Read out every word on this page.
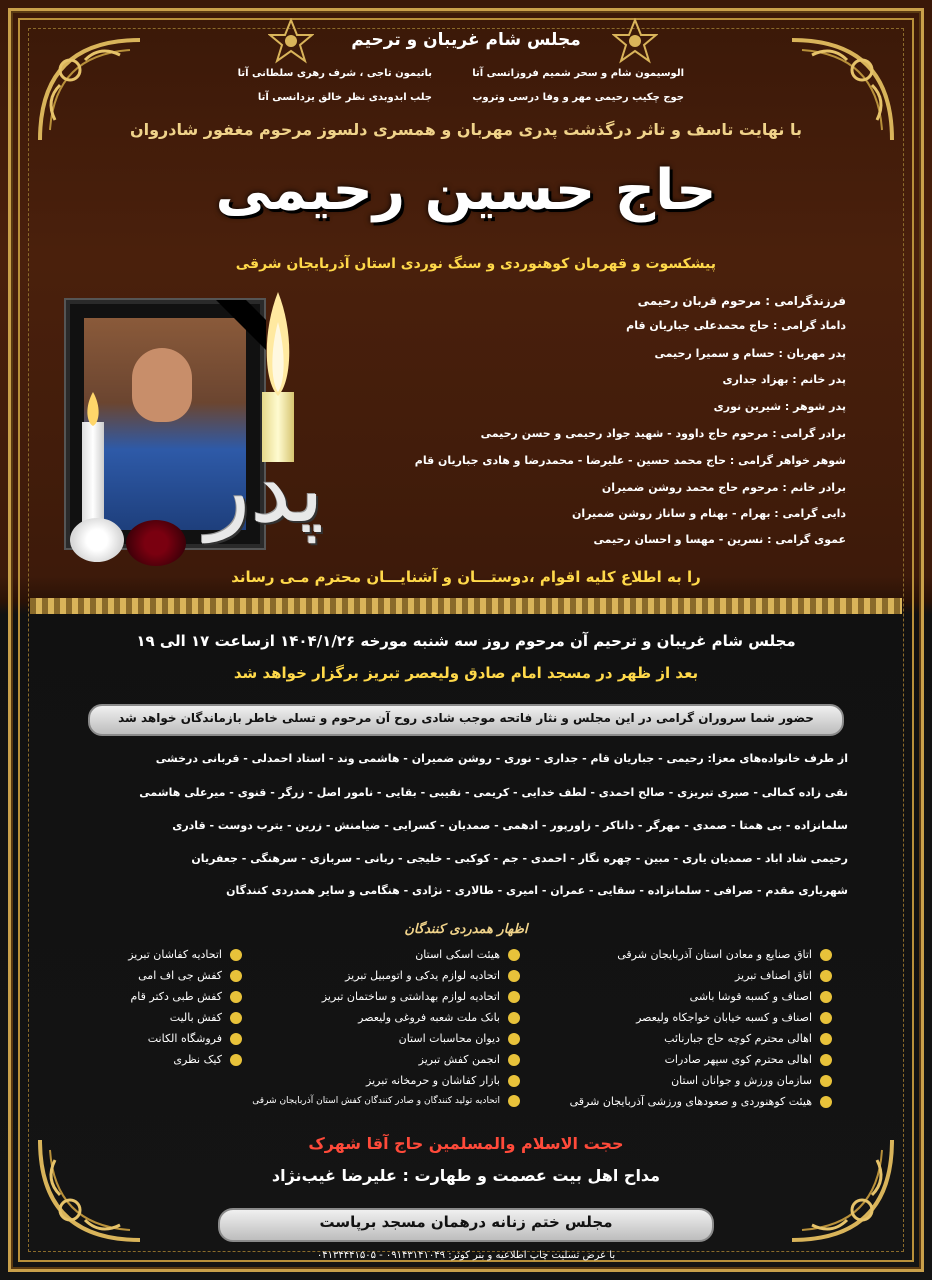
مجلس شام غریبان و ترحیم
الوسیمون شام و سحر شمیم فروزانسی آتا
جوج چکیب رحیمی مهر و وفا درسی وتروب
باتیمون تاجی ، شرف رهری سلطانی آتا
جلب ابدوبدی نظر خالق یزدانسی آتا
با نهایت تاسف و تاثر درگذشت پدری مهربان و همسری دلسوز مرحوم مغفور شادروان
حاج حسین رحیمی
پیشکسوت و قهرمان کوهنوردی و سنگ نوردی استان آذربایجان شرقی
پدر
فرزندگرامی : مرحوم قربان رحیمی
داماد گرامی : حاج محمدعلی جباریان قام
پدر مهربان : حسام و سمیرا رحیمی
پدر خانم : بهزاد جداری
پدر شوهر : شیرین نوری
برادر گرامی : مرحوم حاج داوود - شهید جواد رحیمی و حسن رحیمی
شوهر خواهر گرامی : حاج محمد حسین - علیرضا - محمدرضا و هادی جباریان قام
برادر خانم : مرحوم حاج محمد روشن ضمیران
دایی گرامی : بهرام - بهنام و ساناز روشن ضمیران
عموی گرامی : نسرین - مهسا و احسان رحیمی
را به اطلاع کلیه اقوام ،دوستـــان و آشنایـــان محترم مـی رساند
مجلس شام غریبان و ترحیم آن مرحوم روز سه شنبه مورخه ۱۴۰۴/۱/۲۶ ازساعت ۱۷ الی ۱۹
بعد از ظهر در مسجد امام صادق ولیعصر تبریز برگزار خواهد شد
حضور شما سروران گرامی در این مجلس و نثار فاتحه موجب شادی روح آن مرحوم و تسلی خاطر بازماندگان خواهد شد
از طرف خانواده‌های معزا: رحیمی - جباریان قام - جداری - نوری - روشن ضمیران - هاشمی وند - استاد احمدلی - قربانی درخشی
نقی زاده کمالی - صبری تبریزی - صالح احمدی - لطف خدایی - کریمی - نقیبی - بقایی - نامور اصل - زرگر - قنوی - میرعلی هاشمی
سلمانزاده - بی همتا - صمدی - مهرگر - داناکر - زاورپور - ادهمی - صمدیان - کسرایی - ضیامنش - زرین - یترب دوست - قادری
رحیمی شاد اباد - صمدیان یاری - مبین - چهره نگار - احمدی - جم - کوکبی - خلیجی - ربانی - سربازی - سرهنگی - جعفریان
شهریاری مقدم - صرافی - سلمانزاده - سقایی - عمران - امیری - طالاری - نژادی - هنگامی و سایر همدردی کنندگان
اظهار همدردی کنندگان
اتاق صنایع و معادن استان آذربایجان شرقی
اتاق اصناف تبریز
اصناف و کسبه قوشا باشی
اصناف و کسبه خیابان خواجکاه ولیعصر
اهالی محترم کوچه حاج جبارنائب
اهالی محترم کوی سپهر صادرات
سازمان ورزش و جوانان استان
هیئت کوهنوردی و صعودهای ورزشی آذربایجان شرقی
هیئت اسکی استان
اتحادیه لوازم یدکی و اتومبیل تبریز
اتحادیه لوازم بهداشتی و ساختمان تبریز
بانک ملت شعبه فروغی ولیعصر
دیوان محاسبات استان
انجمن کفش تبریز
بازار کفاشان و حرمخانه تبریز
اتحادیه تولید کنندگان و صادر کنندگان کفش استان آذربایجان شرقی
اتحادیه کفاشان تبریز
کفش جی اف امی
کفش طبی دکتر قام
کفش بالیت
فروشگاه الکانت
کیک نظری
حجت الاسلام والمسلمین حاج آقا شهرک
مداح اهل بیت عصمت و طهارت : علیرضا غیب‌نژاد
مجلس ختم زنانه درهمان مسجد برپاست
با عرض تسلیت چاپ اطلاعیه و بنر کوثر: ۰۹۱۴۳۱۴۱۰۴۹ - ۰۴۱۳۴۴۴۱۵۰۵
